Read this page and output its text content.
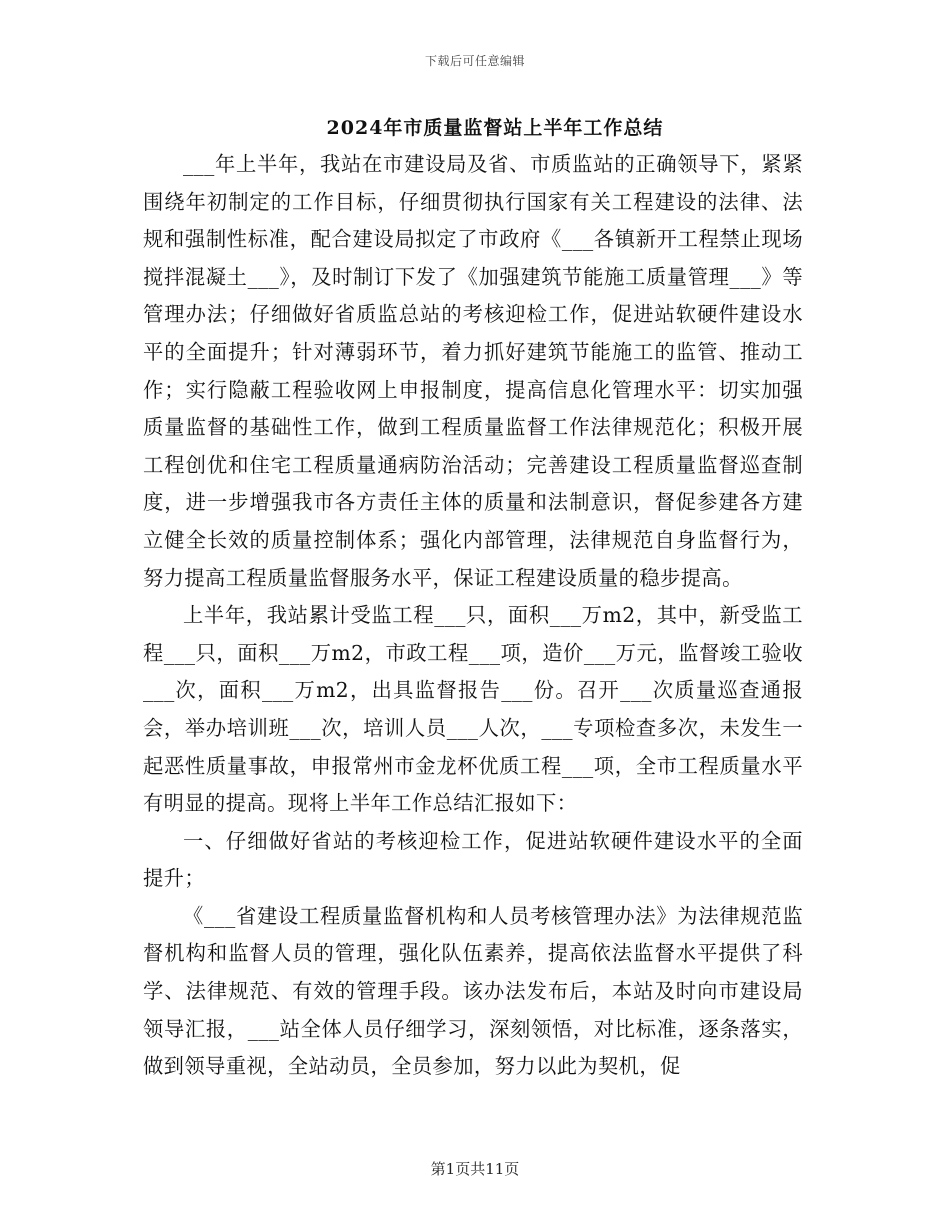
下载后可任意编辑
2024年市质量监督站上半年工作总结

___年上半年，我站在市建设局及省、市质监站的正确领导下，紧紧围绕年初制定的工作目标，仔细贯彻执行国家有关工程建设的法律、法规和强制性标准，配合建设局拟定了市政府《___各镇新开工程禁止现场搅拌混凝土___》，及时制订下发了《加强建筑节能施工质量管理___》等管理办法；仔细做好省质监总站的考核迎检工作，促进站软硬件建设水平的全面提升；针对薄弱环节，着力抓好建筑节能施工的监管、推动工作；实行隐蔽工程验收网上申报制度，提高信息化管理水平：切实加强质量监督的基础性工作，做到工程质量监督工作法律规范化；积极开展工程创优和住宅工程质量通病防治活动；完善建设工程质量监督巡查制度，进一步增强我市各方责任主体的质量和法制意识，督促参建各方建立健全长效的质量控制体系；强化内部管理，法律规范自身监督行为，努力提高工程质量监督服务水平，保证工程建设质量的稳步提高。

上半年，我站累计受监工程___只，面积___万m2，其中，新受监工程___只，面积___万m2，市政工程___项，造价___万元，监督竣工验收___次，面积___万m2，出具监督报告___份。召开___次质量巡查通报会，举办培训班___次，培训人员___人次，___专项检查多次，未发生一起恶性质量事故，申报常州市金龙杯优质工程___项，全市工程质量水平有明显的提高。现将上半年工作总结汇报如下：

一、仔细做好省站的考核迎检工作，促进站软硬件建设水平的全面提升；

《___省建设工程质量监督机构和人员考核管理办法》为法律规范监督机构和监督人员的管理，强化队伍素养，提高依法监督水平提供了科学、法律规范、有效的管理手段。该办法发布后，本站及时向市建设局领导汇报，___站全体人员仔细学习，深刻领悟，对比标准，逐条落实，做到领导重视，全站动员，全员参加，努力以此为契机，促

第1页共11页
